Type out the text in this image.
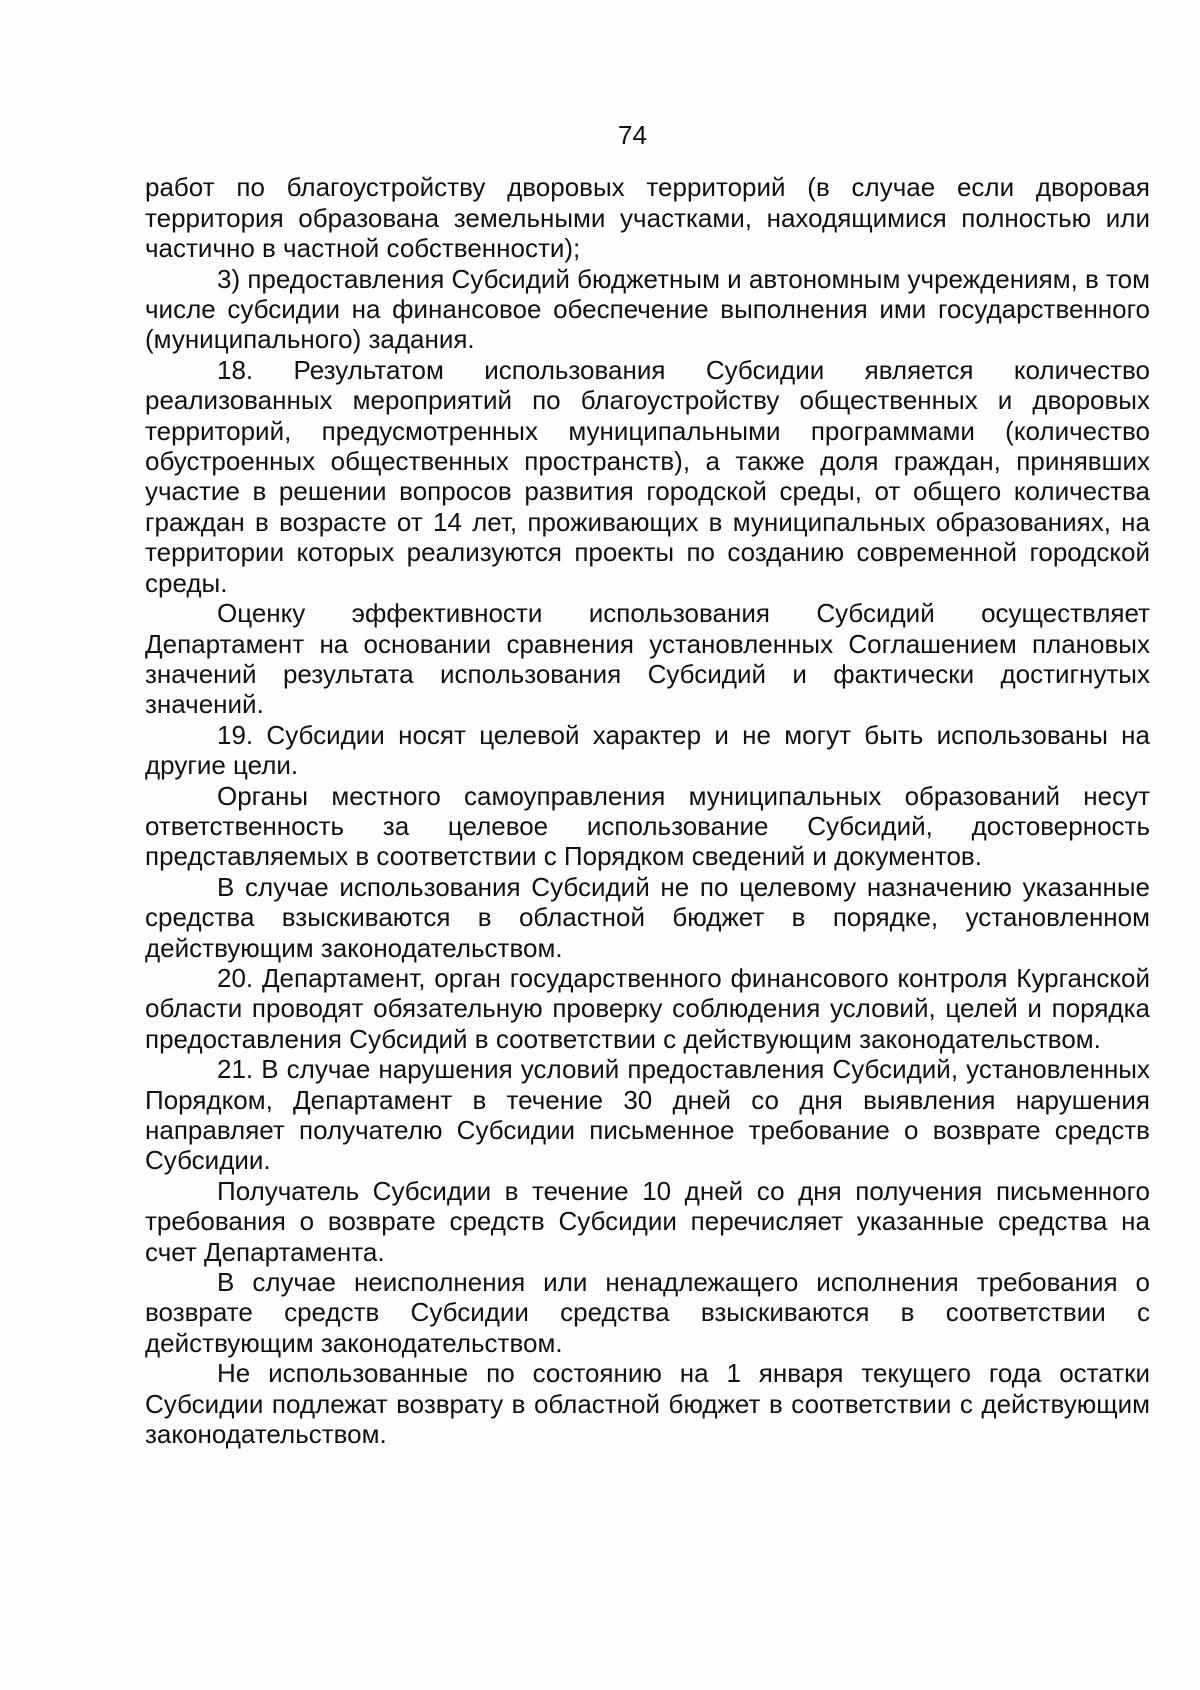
74

работ по благоустройству дворовых территорий (в случае если дворовая территория образована земельными участками, находящимися полностью или частично в частной собственности);

3) предоставления Субсидий бюджетным и автономным учреждениям, в том числе субсидии на финансовое обеспечение выполнения ими государственного (муниципального) задания.

18. Результатом использования Субсидии является количество реализованных мероприятий по благоустройству общественных и дворовых территорий, предусмотренных муниципальными программами (количество обустроенных общественных пространств), а также доля граждан, принявших участие в решении вопросов развития городской среды, от общего количества граждан в возрасте от 14 лет, проживающих в муниципальных образованиях, на территории которых реализуются проекты по созданию современной городской среды.

Оценку эффективности использования Субсидий осуществляет Департамент на основании сравнения установленных Соглашением плановых значений результата использования Субсидий и фактически достигнутых значений.

19. Субсидии носят целевой характер и не могут быть использованы на другие цели.

Органы местного самоуправления муниципальных образований несут ответственность за целевое использование Субсидий, достоверность представляемых в соответствии с Порядком сведений и документов.

В случае использования Субсидий не по целевому назначению указанные средства взыскиваются в областной бюджет в порядке, установленном действующим законодательством.

20. Департамент, орган государственного финансового контроля Курганской области проводят обязательную проверку соблюдения условий, целей и порядка предоставления Субсидий в соответствии с действующим законодательством.

21. В случае нарушения условий предоставления Субсидий, установленных Порядком, Департамент в течение 30 дней со дня выявления нарушения направляет получателю Субсидии письменное требование о возврате средств Субсидии.

Получатель Субсидии в течение 10 дней со дня получения письменного требования о возврате средств Субсидии перечисляет указанные средства на счет Департамента.

В случае неисполнения или ненадлежащего исполнения требования о возврате средств Субсидии средства взыскиваются в соответствии с действующим законодательством.

Не использованные по состоянию на 1 января текущего года остатки Субсидии подлежат возврату в областной бюджет в соответствии с действующим законодательством.
